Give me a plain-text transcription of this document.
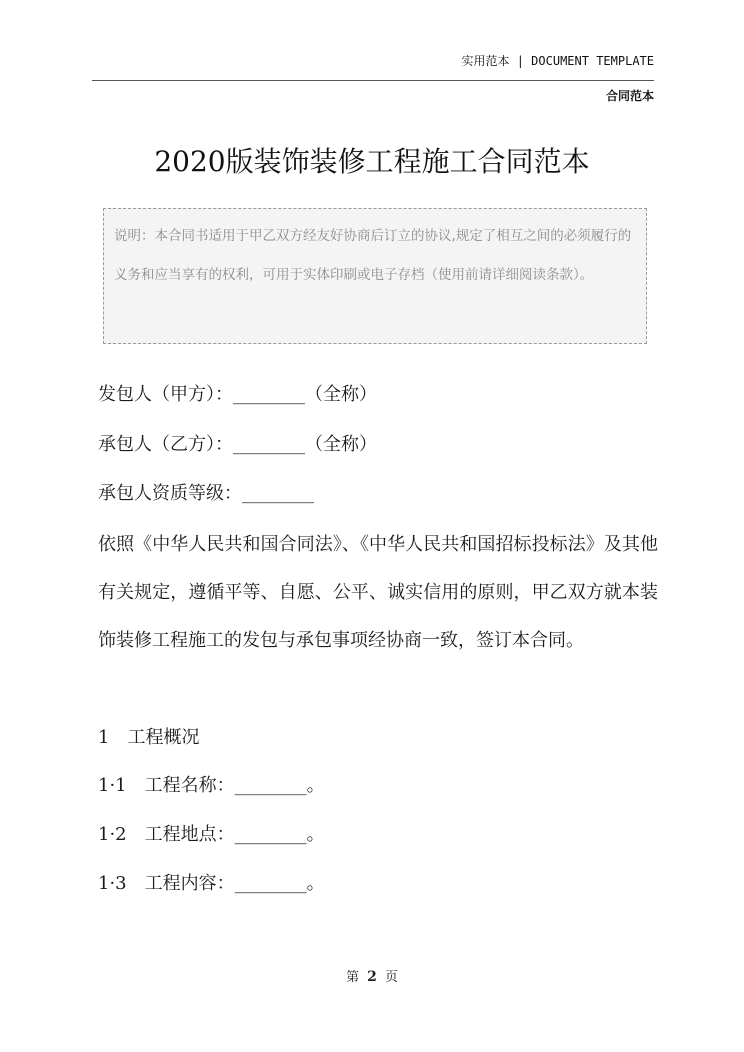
实用范本 | DOCUMENT TEMPLATE
合同范本
2020版装饰装修工程施工合同范本

说明：本合同书适用于甲乙双方经友好协商后订立的协议,规定了相互之间的必须履行的义务和应当享有的权利，可用于实体印刷或电子存档（使用前请详细阅读条款）。

发包人（甲方）：________（全称）
承包人（乙方）：________（全称）
承包人资质等级：________

依照《中华人民共和国合同法》、《中华人民共和国招标投标法》及其他有关规定，遵循平等、自愿、公平、诚实信用的原则，甲乙双方就本装饰装修工程施工的发包与承包事项经协商一致，签订本合同。

1　工程概况
1·1　工程名称：________。
1·2　工程地点：________。
1·3　工程内容：________。
第 2 页
